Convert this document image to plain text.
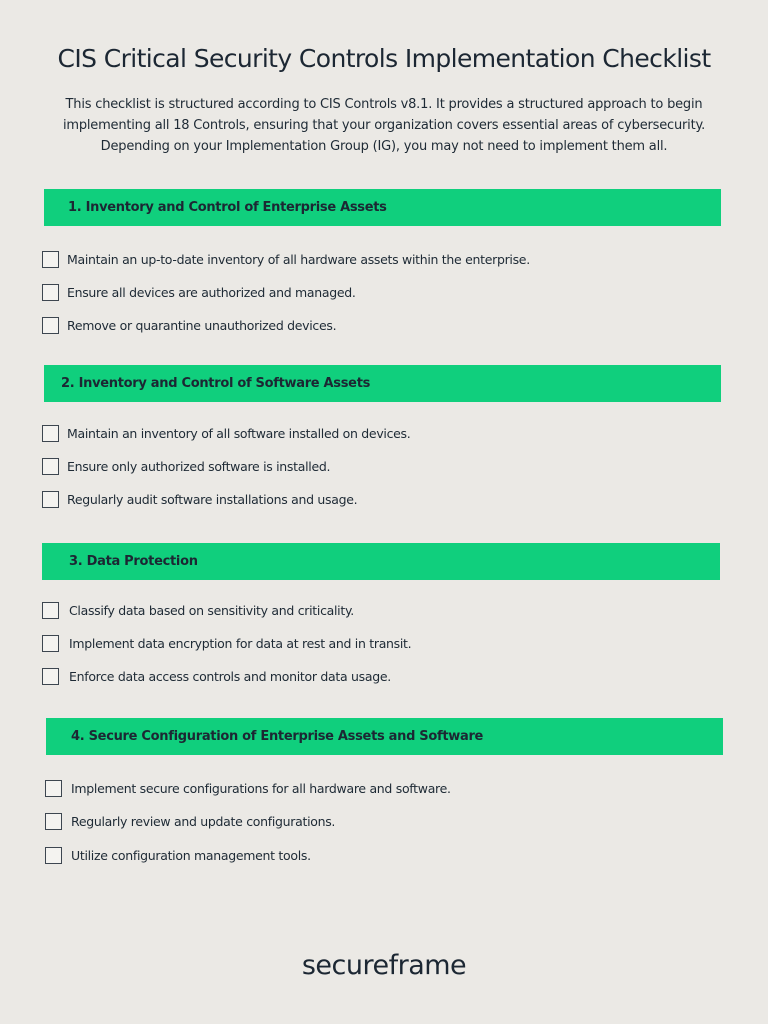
CIS Critical Security Controls Implementation Checklist

This checklist is structured according to CIS Controls v8.1. It provides a structured approach to begin implementing all 18 Controls, ensuring that your organization covers essential areas of cybersecurity. Depending on your Implementation Group (IG), you may not need to implement them all.

1. Inventory and Control of Enterprise Assets
Maintain an up-to-date inventory of all hardware assets within the enterprise.
Ensure all devices are authorized and managed.
Remove or quarantine unauthorized devices.
2. Inventory and Control of Software Assets
Maintain an inventory of all software installed on devices.
Ensure only authorized software is installed.
Regularly audit software installations and usage.
3. Data Protection
Classify data based on sensitivity and criticality.
Implement data encryption for data at rest and in transit.
Enforce data access controls and monitor data usage.
4. Secure Configuration of Enterprise Assets and Software
Implement secure configurations for all hardware and software.
Regularly review and update configurations.
Utilize configuration management tools.
secureframe
